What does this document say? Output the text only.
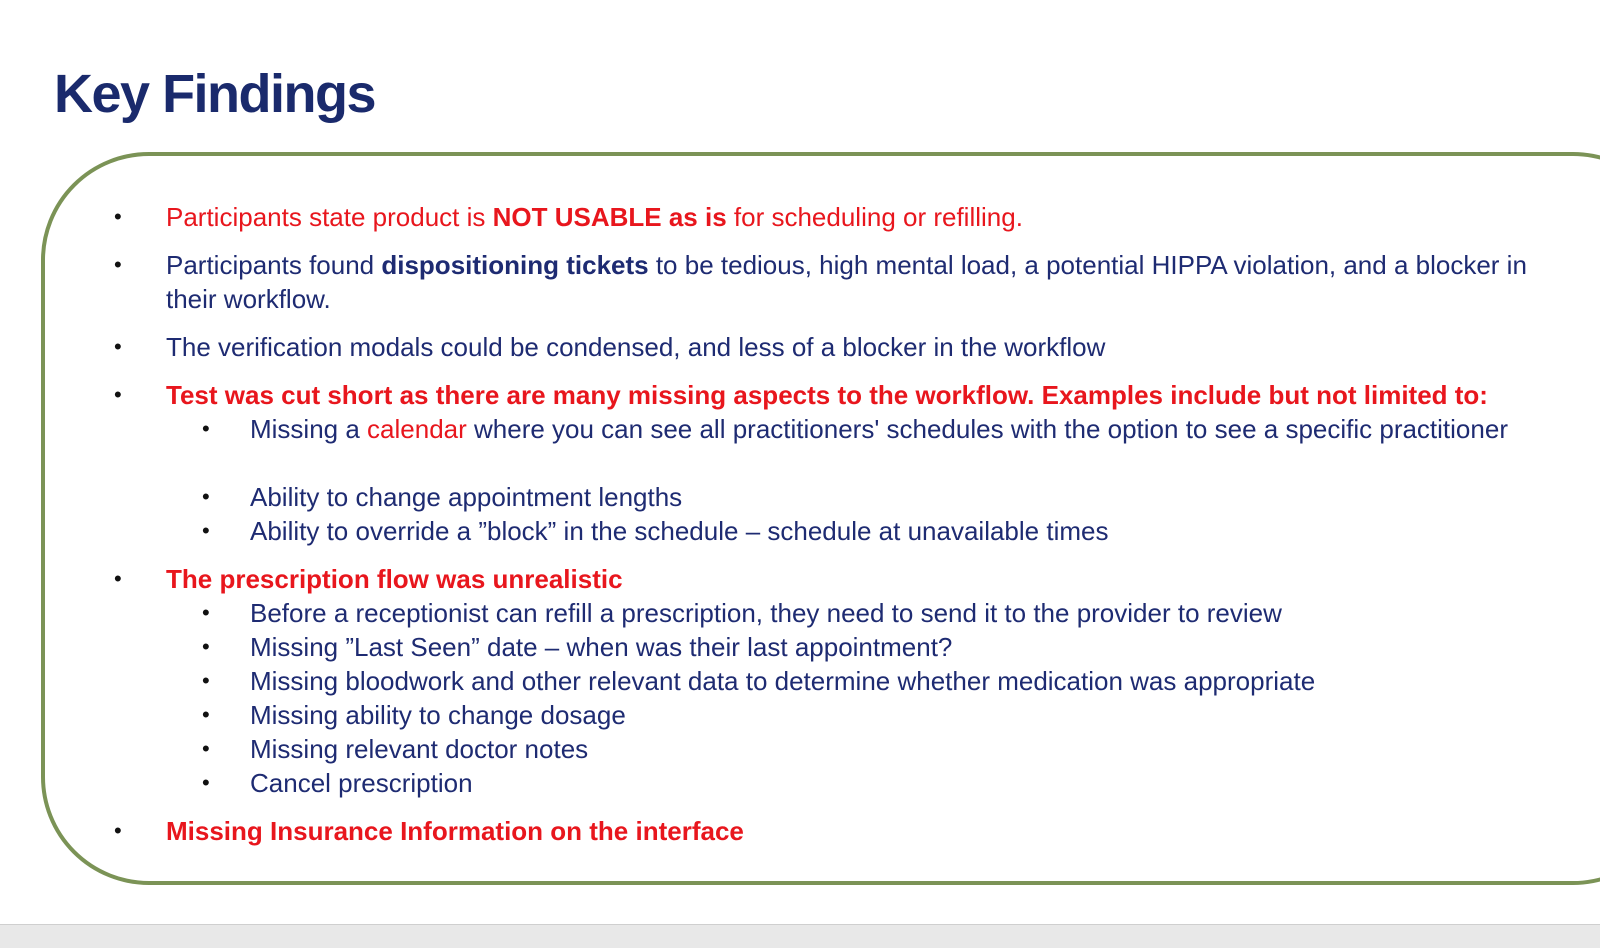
Key Findings
• Participants state product is NOT USABLE as is for scheduling or refilling.
• Participants found dispositioning tickets to be tedious, high mental load, a potential HIPPA violation, and a blocker in their workflow.
• The verification modals could be condensed, and less of a blocker in the workflow
• Test was cut short as there are many missing aspects to the workflow. Examples include but not limited to:
• Missing a calendar where you can see all practitioners' schedules with the option to see a specific practitioner
• Ability to change appointment lengths
• Ability to override a ”​block” in the schedule – schedule at unavailable times
• The prescription flow was unrealistic
• Before a receptionist can refill a prescription, they need to send it to the provider to review
• Missing ”Last Seen” date – when was their last appointment?
• Missing bloodwork and other relevant data to determine whether medication was appropriate
• Missing ability to change dosage
• Missing relevant doctor notes
• Cancel prescription
• Missing Insurance Information on the interface
